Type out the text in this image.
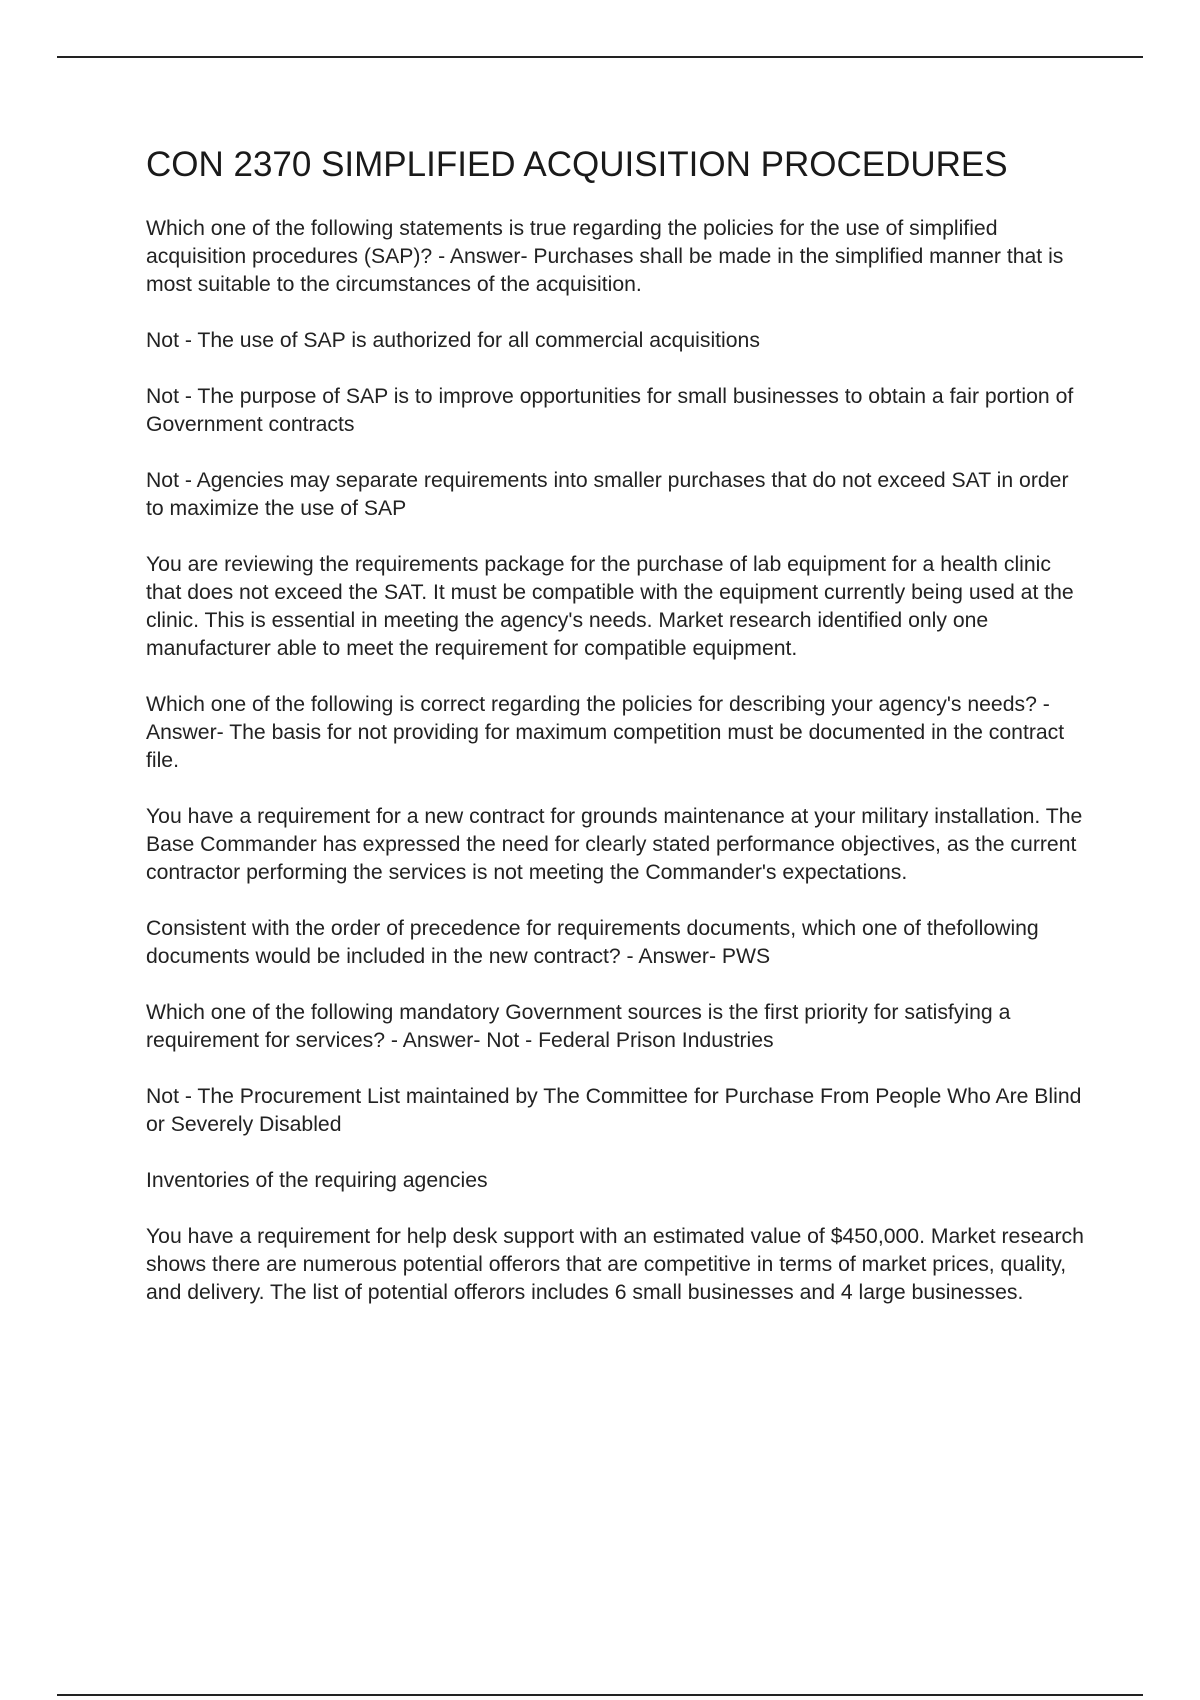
CON 2370 SIMPLIFIED ACQUISITION PROCEDURES

Which one of the following statements is true regarding the policies for the use of simplified acquisition procedures (SAP)? - Answer- Purchases shall be made in the simplified manner that is most suitable to the circumstances of the acquisition.

Not - The use of SAP is authorized for all commercial acquisitions

Not - The purpose of SAP is to improve opportunities for small businesses to obtain a fair portion of Government contracts

Not - Agencies may separate requirements into smaller purchases that do not exceed SAT in order to maximize the use of SAP

You are reviewing the requirements package for the purchase of lab equipment for a health clinic that does not exceed the SAT. It must be compatible with the equipment currently being used at the clinic. This is essential in meeting the agency's needs. Market research identified only one manufacturer able to meet the requirement for compatible equipment.

Which one of the following is correct regarding the policies for describing your agency's needs? - Answer- The basis for not providing for maximum competition must be documented in the contract file.

You have a requirement for a new contract for grounds maintenance at your military installation. The Base Commander has expressed the need for clearly stated performance objectives, as the current contractor performing the services is not meeting the Commander's expectations.

Consistent with the order of precedence for requirements documents, which one of thefollowing documents would be included in the new contract? - Answer- PWS

Which one of the following mandatory Government sources is the first priority for satisfying a requirement for services? - Answer- Not - Federal Prison Industries

Not - The Procurement List maintained by The Committee for Purchase From People Who Are Blind or Severely Disabled

Inventories of the requiring agencies

You have a requirement for help desk support with an estimated value of $450,000. Market research shows there are numerous potential offerors that are competitive in terms of market prices, quality, and delivery. The list of potential offerors includes 6 small businesses and 4 large businesses.
